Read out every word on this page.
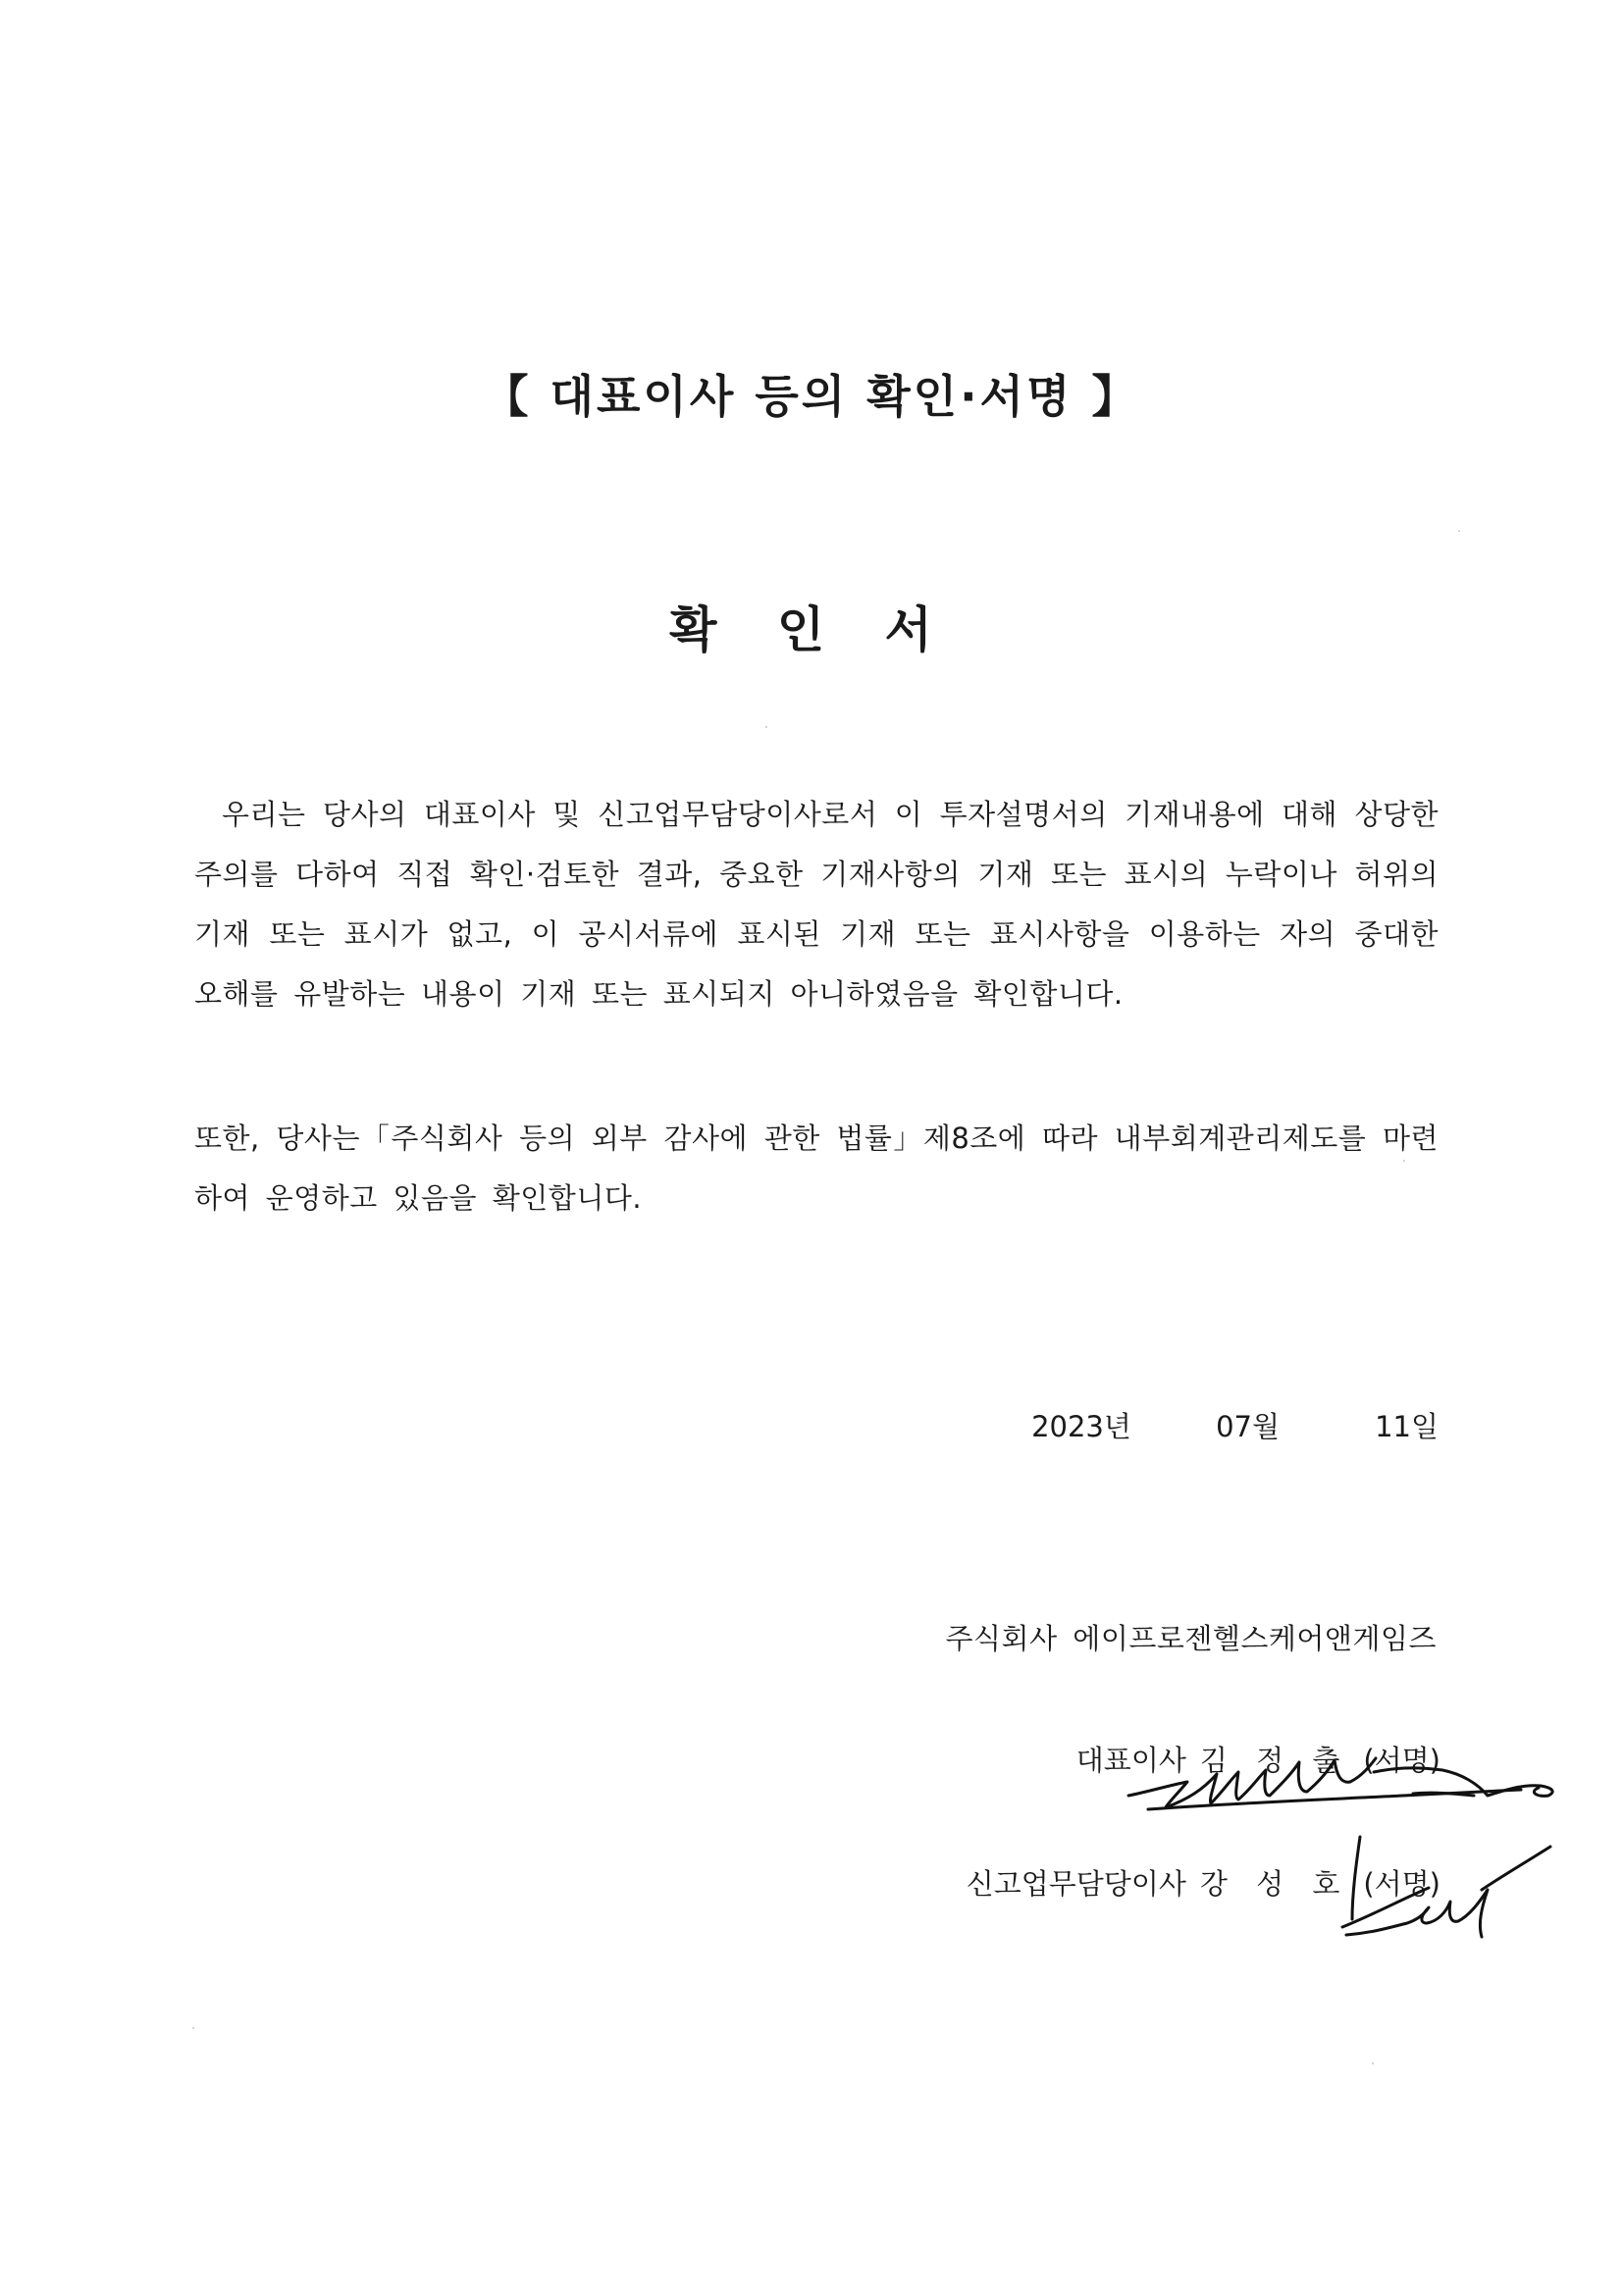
【 대표이사 등의 확인·서명 】
확 인 서
우리는 당사의 대표이사 및 신고업무담당이사로서 이 투자설명서의 기재내용에 대해 상당한 주의를 다하여 직접 확인·검토한 결과, 중요한 기재사항의 기재 또는 표시의 누락이나 허위의 기재 또는 표시가 없고, 이 공시서류에 표시된 기재 또는 표시사항을 이용하는 자의 중대한 오해를 유발하는 내용이 기재 또는 표시되지 아니하였음을 확인합니다.
또한, 당사는「주식회사 등의 외부 감사에 관한 법률」제8조에 따라 내부회계관리제도를 마련하여 운영하고 있음을 확인합니다.
2023년	07월	11일
주식회사 에이프로젠헬스케어앤게임즈
대표이사 김 정 출 (서명)
신고업무담당이사 강 성 호 (서명)
